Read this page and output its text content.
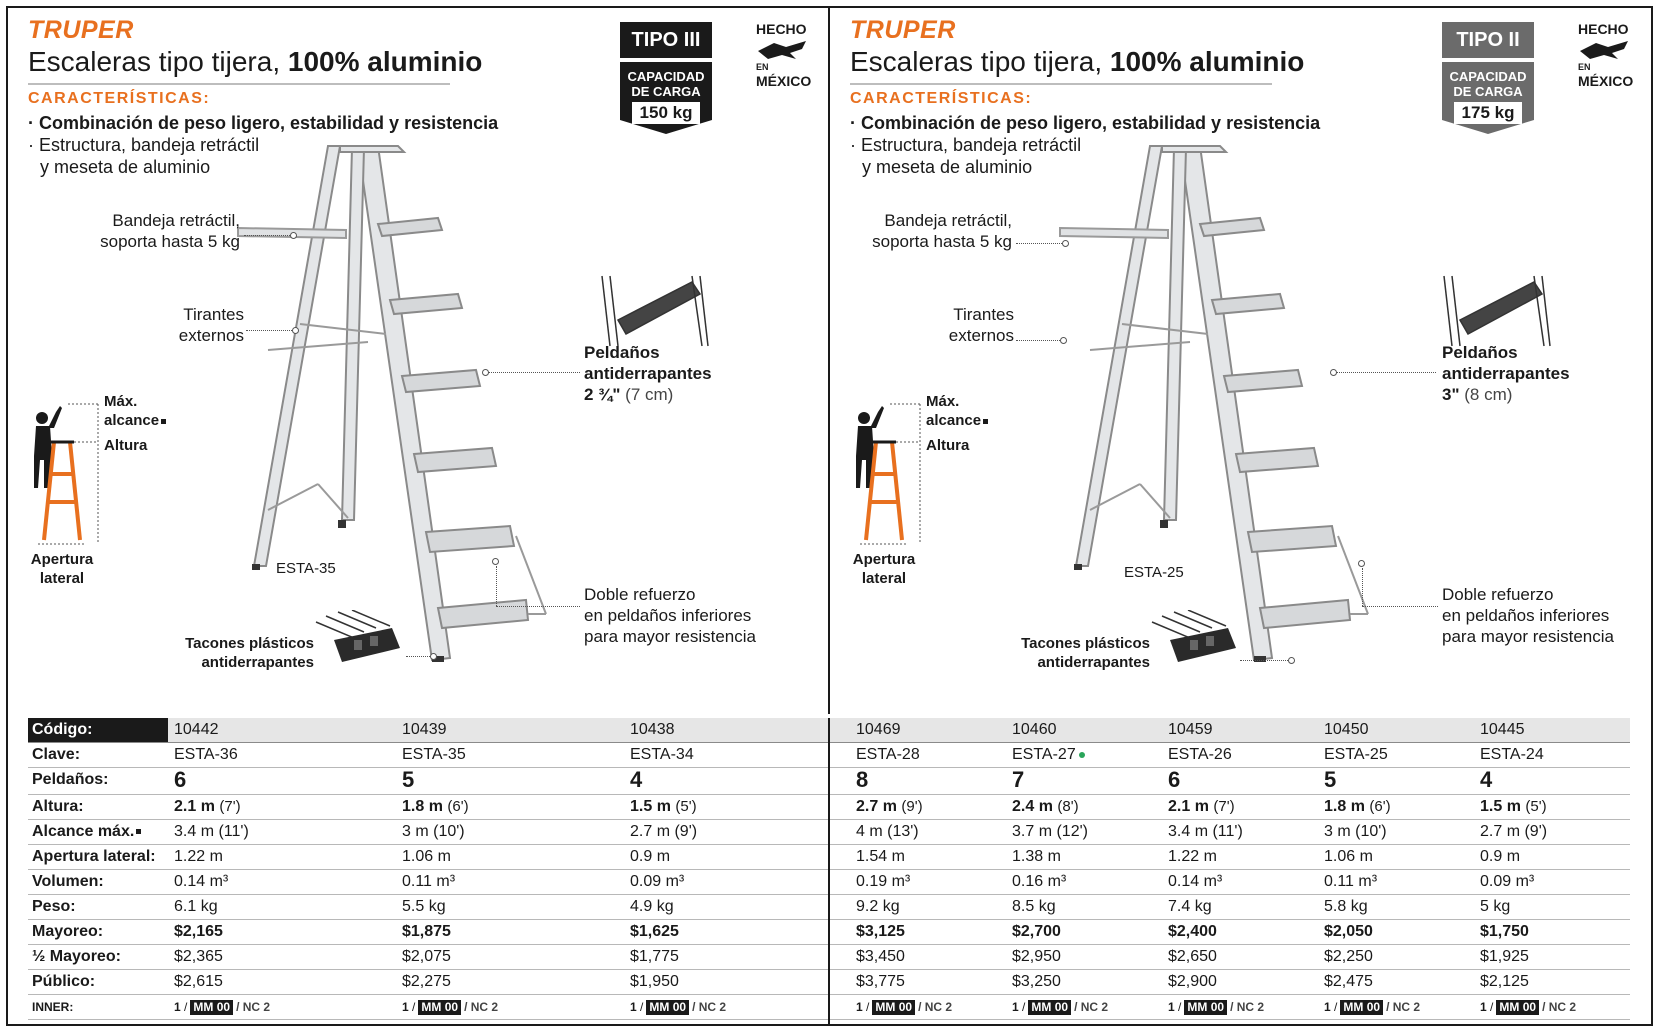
TRUPER
Escaleras tipo tijera, 100% aluminio
CARACTERÍSTICAS:
· Combinación de peso ligero, estabilidad y resistencia
· Estructura, bandeja retráctil
y meseta de aluminio
TIPO III
CAPACIDAD
DE CARGA
150 kg
HECHO
EN
MÉXICO
Bandeja retráctil,
soporta hasta 5 kg
Tirantes
externos
Peldaños
antiderrapantes
2 ¾" (7 cm)
Máx.
alcance
Altura
Apertura
lateral
ESTA-35
Doble refuerzo
en peldaños inferiores
para mayor resistencia
Tacones plásticos
antiderrapantes
TRUPER
Escaleras tipo tijera, 100% aluminio
CARACTERÍSTICAS:
· Combinación de peso ligero, estabilidad y resistencia
· Estructura, bandeja retráctil
y meseta de aluminio
TIPO II
CAPACIDAD
DE CARGA
175 kg
HECHO
EN
MÉXICO
Bandeja retráctil,
soporta hasta 5 kg
Tirantes
externos
Peldaños
antiderrapantes
3" (8 cm)
Máx.
alcance
Altura
Apertura
lateral	ESTA-25
Doble refuerzo
en peldaños inferiores
para mayor resistencia
Tacones plásticos
antiderrapantes
Código:	10442	10439	10438	10469	10460	10459	10450	10445
Clave:	ESTA-36	ESTA-35	ESTA-34	ESTA-28	ESTA-27	ESTA-26	ESTA-25	ESTA-24
Peldaños:	6	5	4	8	7	6	5	4
Altura:	2.1 m (7')	1.8 m (6')	1.5 m (5')	2.7 m (9')	2.4 m (8')	2.1 m (7')	1.8 m (6')	1.5 m (5')
Alcance máx.	3.4 m (11')	3 m (10')	2.7 m (9')	4 m (13')	3.7 m (12')	3.4 m (11')	3 m (10')	2.7 m (9')
Apertura lateral:	1.22 m	1.06 m	0.9 m	1.54 m	1.38 m	1.22 m	1.06 m	0.9 m
Volumen:	0.14 m³	0.11 m³	0.09 m³	0.19 m³	0.16 m³	0.14 m³	0.11 m³	0.09 m³
Peso:	6.1 kg	5.5 kg	4.9 kg	9.2 kg	8.5 kg	7.4 kg	5.8 kg	5 kg
Mayoreo:	$2,165	$1,875	$1,625	$3,125	$2,700	$2,400	$2,050	$1,750
½ Mayoreo:	$2,365	$2,075	$1,775	$3,450	$2,950	$2,650	$2,250	$1,925
Público:	$2,615	$2,275	$1,950	$3,775	$3,250	$2,900	$2,475	$2,125
INNER:	1 / MM 00 / NC 2	1 / MM 00 / NC 2	1 / MM 00 / NC 2	1 / MM 00 / NC 2	1 / MM 00 / NC 2	1 / MM 00 / NC 2	1 / MM 00 / NC 2	1 / MM 00 / NC 2
